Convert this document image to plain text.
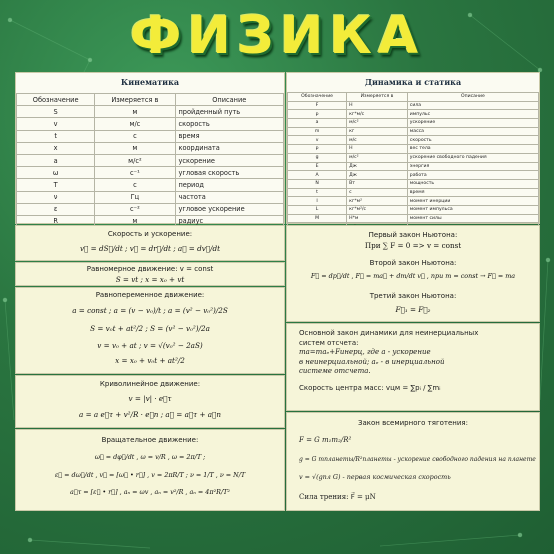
ФИЗИКА
Кинематика
Обозначение	Измеряется в	Описание
S	м	пройденный путь
v	м/с	скорость
t	с	время
x	м	координата
a	м/с²	ускорение
ω	с⁻¹	угловая скорость
T	с	период
ν	Гц	частота
ε	с⁻²	угловое ускорение
R	м	радиус
Динамика и статика
Обозначение	Измеряется в	Описание
F	Н	сила
p	кг*м/с	импульс
a	м/с²	ускорение
m	кг	масса
v	м/с	скорость
p	Н	вес тела
g	м/с²	ускорение свободного падения
E	Дж	энергия
A	Дж	работа
N	Вт	мощность
t	с	время
I	кг*м²	момент инерции
L	кг*м²/с	момент импульса
M	Н*м	момент силы

Скорость и ускорение:
v⃗ = dS⃗/dt ; v⃗ = dr⃗/dt ; a⃗ = dv⃗/dt
Равномерное движение: v = const
S = vt ; x = x₀ + vt
Равнопеременное движение:
a = const ; a = (v − v₀)/t ; a = (v² − v₀²)/2S
S = v₀t + at²/2 ; S = (v² − v₀²)/2a
v = v₀ + at ; v = √(v₀² − 2aS)
x = x₀ + v₀t + at²/2
Криволинейное движение:
v = |v| · e⃗τ
a = a e⃗τ + v²/R · e⃗n ; a⃗ = a⃗τ + a⃗n
Вращательное движение:
ω⃗ = dφ⃗/dt , ω = v/R , ω = 2π/T ;
ε⃗ = dω⃗/dt , v⃗ = [ω⃗ • r⃗] , v = 2πR/T ; ν = 1/T , ν = N/T
a⃗τ = [ε⃗ • r⃗] , aₙ = ωv , aₙ = v²/R , aₙ = 4π²R/T²
Первый закон Ньютона:
При ∑ F = 0 => v = const
Второй закон Ньютона:
F⃗ = dp⃗/dt , F⃗ = ma⃗ + dm/dt v⃗ , при m = const → F⃗ = ma
Третий закон Ньютона:
F⃗₁ = F⃗₂
Основной закон динамики для неинерциальных
систем отсчета:
ma=maₑ+Fинерц, где a - ускорение
в неинерциальной; aₑ - в инерциальной
системе отсчета.
Скорость центра масс: vцм = ∑pᵢ / ∑mᵢ
Закон всемирного тяготения:
F = G m₁m₂/R²
g = G mпланеты/R²планеты - ускорение свободного падения на планете
v = √(gпл G) - первая космическая скорость
Сила трения: F⃗ = μN
